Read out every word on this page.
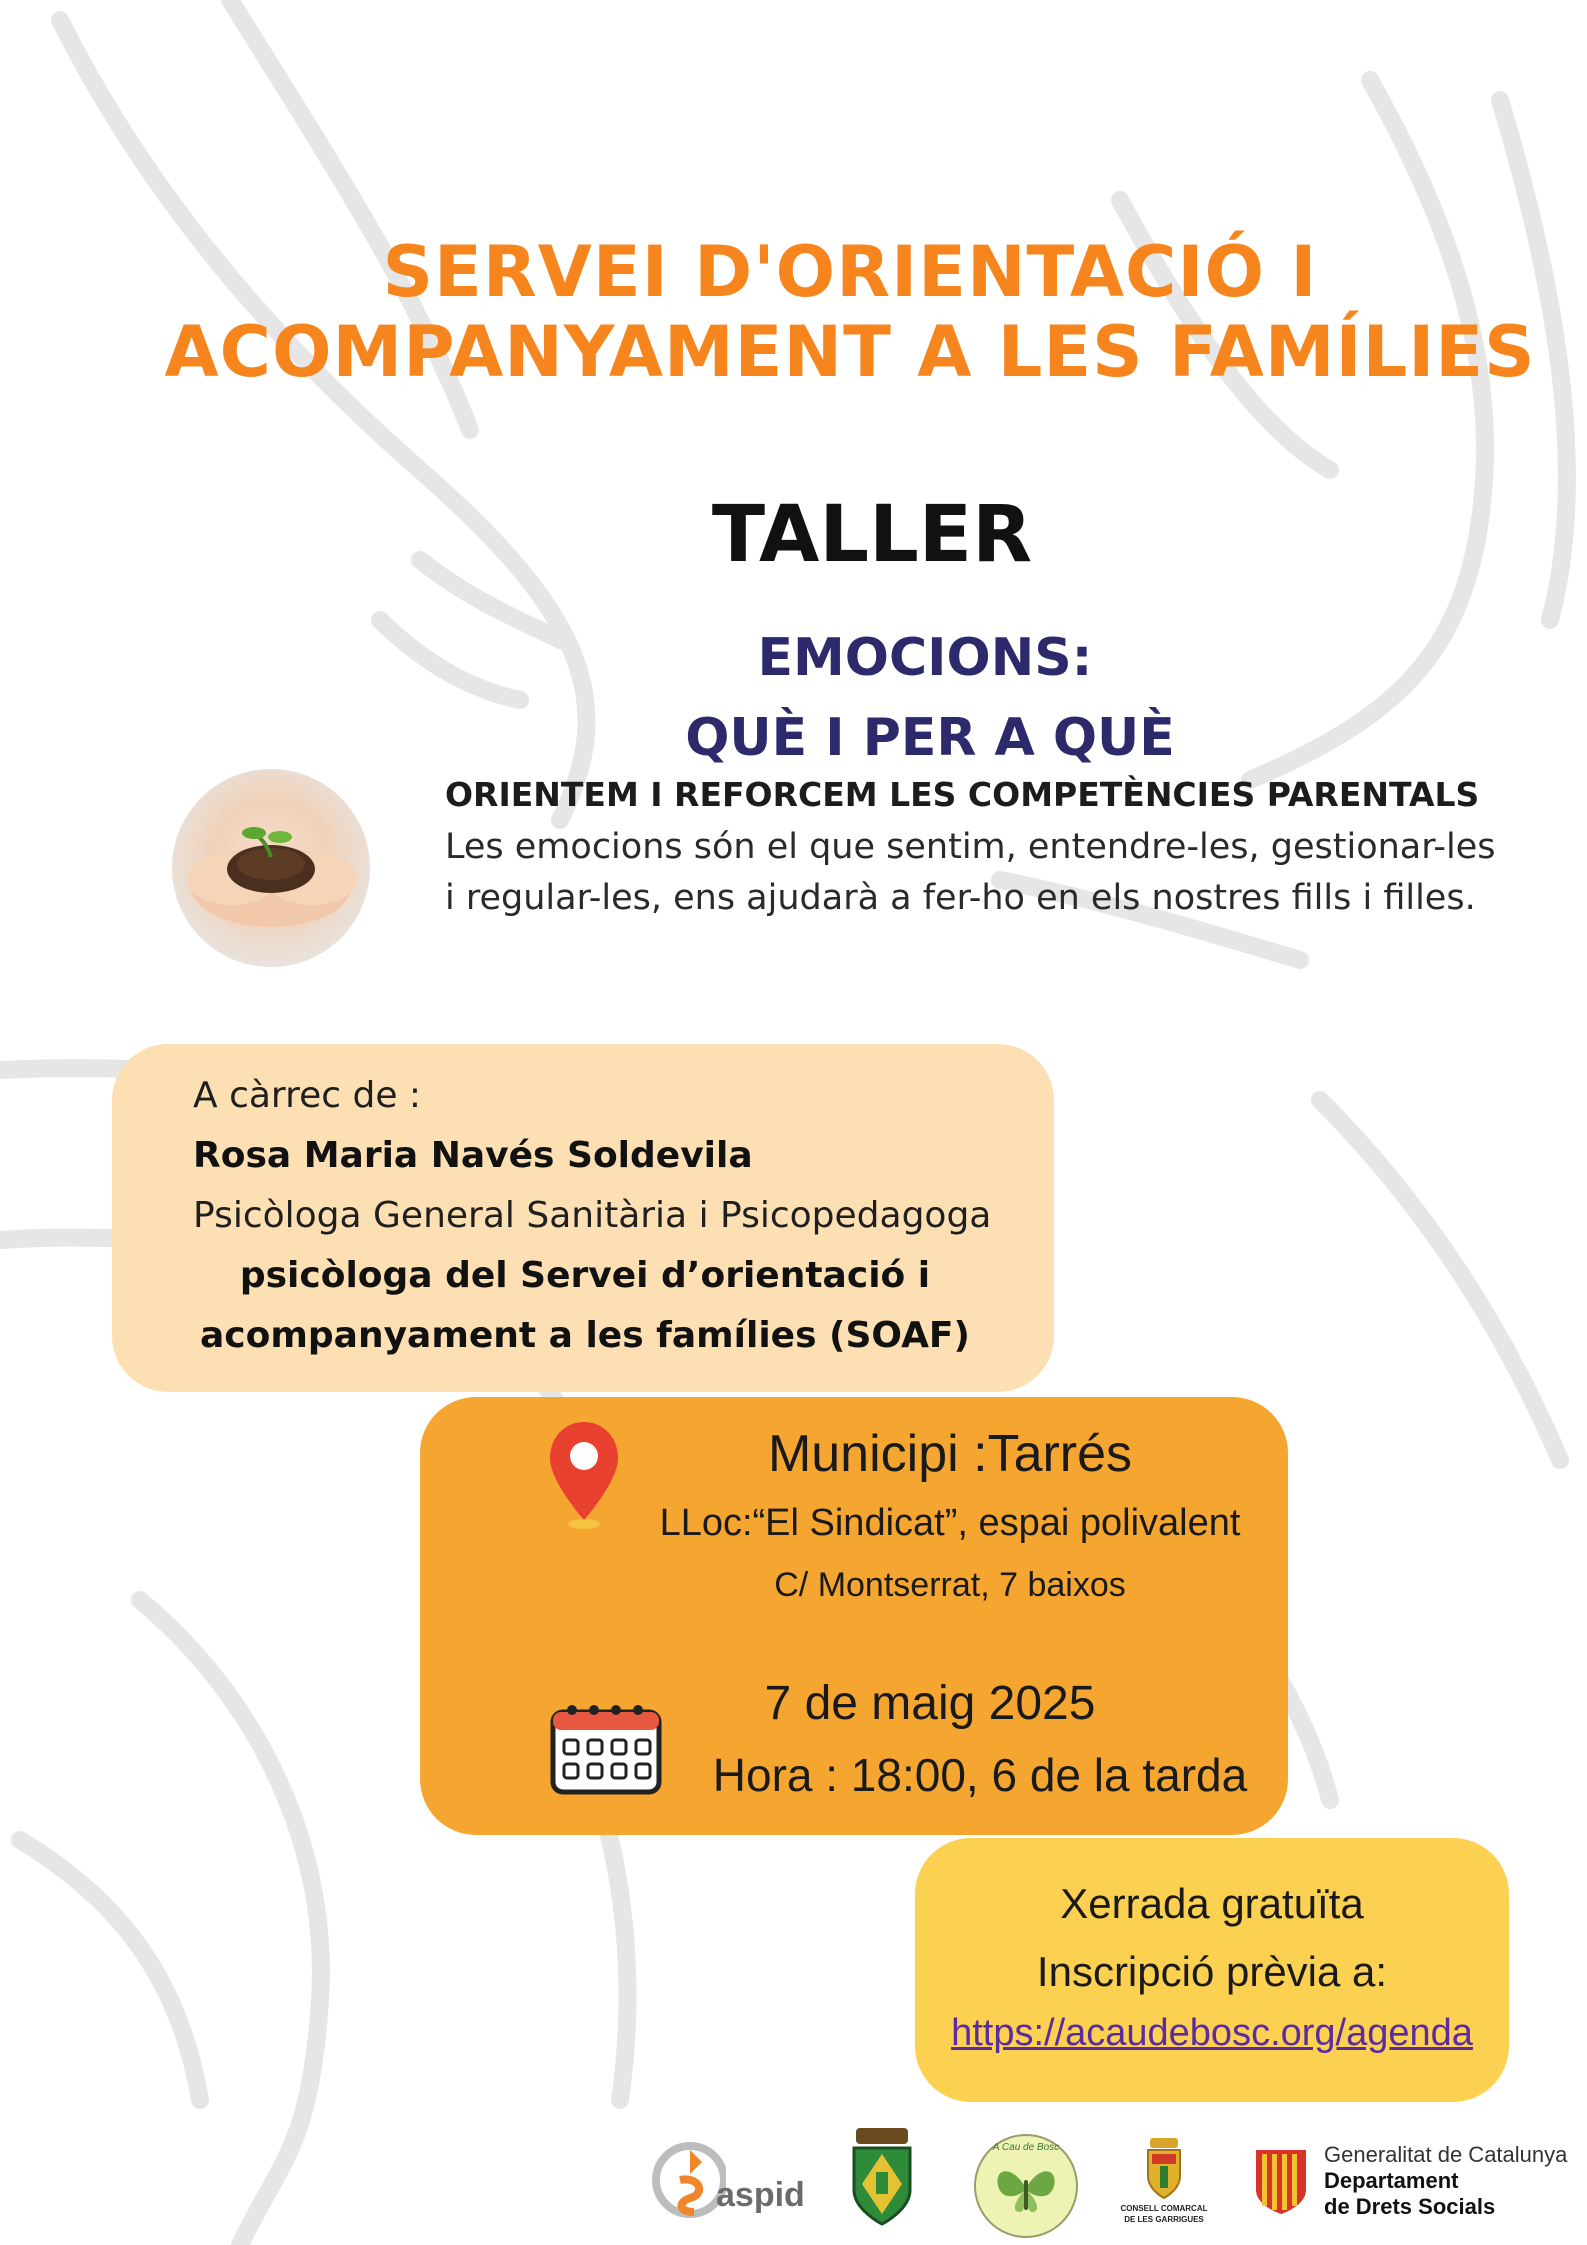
SERVEI D'ORIENTACIÓ I
ACOMPANYAMENT A LES FAMÍLIES
TALLER
EMOCIONS:
QUÈ I PER A QUÈ
ORIENTEM I REFORCEM LES COMPETÈNCIES PARENTALS
Les emocions són el que sentim, entendre-les, gestionar-les
i regular-les, ens ajudarà a fer-ho en els nostres fills i filles.
A càrrec de :
Rosa Maria Navés Soldevila
Psicòloga General Sanitària i Psicopedagoga
psicòloga del Servei d’orientació i
acompanyament a les famílies (SOAF)
Municipi :Tarrés
LLoc:“El Sindicat”, espai polivalent
C/ Montserrat, 7 baixos
7 de maig 2025
Hora : 18:00, 6 de la tarda
Xerrada gratuïta
Inscripció prèvia a:
https://acaudebosc.org/agenda
aspid
A Cau de Bosc
CONSELL COMARCAL
DE LES GARRIGUES
Generalitat de Catalunya
Departament
de Drets Socials
